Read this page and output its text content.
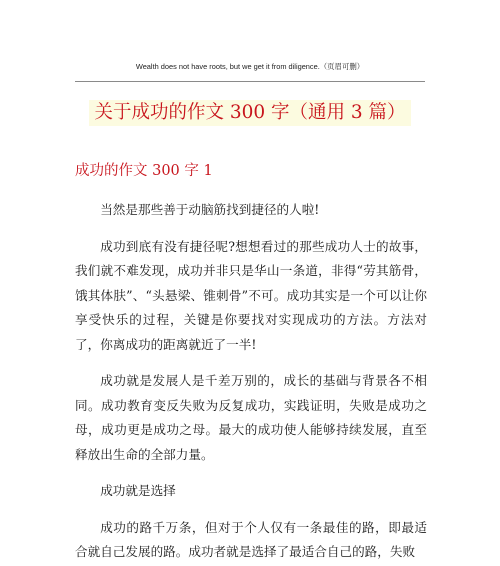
Wealth does not have roots, but we get it from diligence.（页眉可删）
关于成功的作文 300 字（通用 3 篇）
成功的作文 300 字 1

当然是那些善于动脑筋找到捷径的人啦!

成功到底有没有捷径呢?想想看过的那些成功人士的故事，我们就不难发现，成功并非只是华山一条道，非得“劳其筋骨，饿其体肤”、“头悬梁、锥刺骨”不可。成功其实是一个可以让你享受快乐的过程，关键是你要找对实现成功的方法。方法对了，你离成功的距离就近了一半!

成功就是发展人是千差万别的，成长的基础与背景各不相同。成功教育变反失败为反复成功，实践证明，失败是成功之母，成功更是成功之母。最大的成功使人能够持续发展，直至释放出生命的全部力量。

成功就是选择

成功的路千万条，但对于个人仅有一条最佳的路，即最适合就自己发展的路。成功者就是选择了最适合自己的路，失败
